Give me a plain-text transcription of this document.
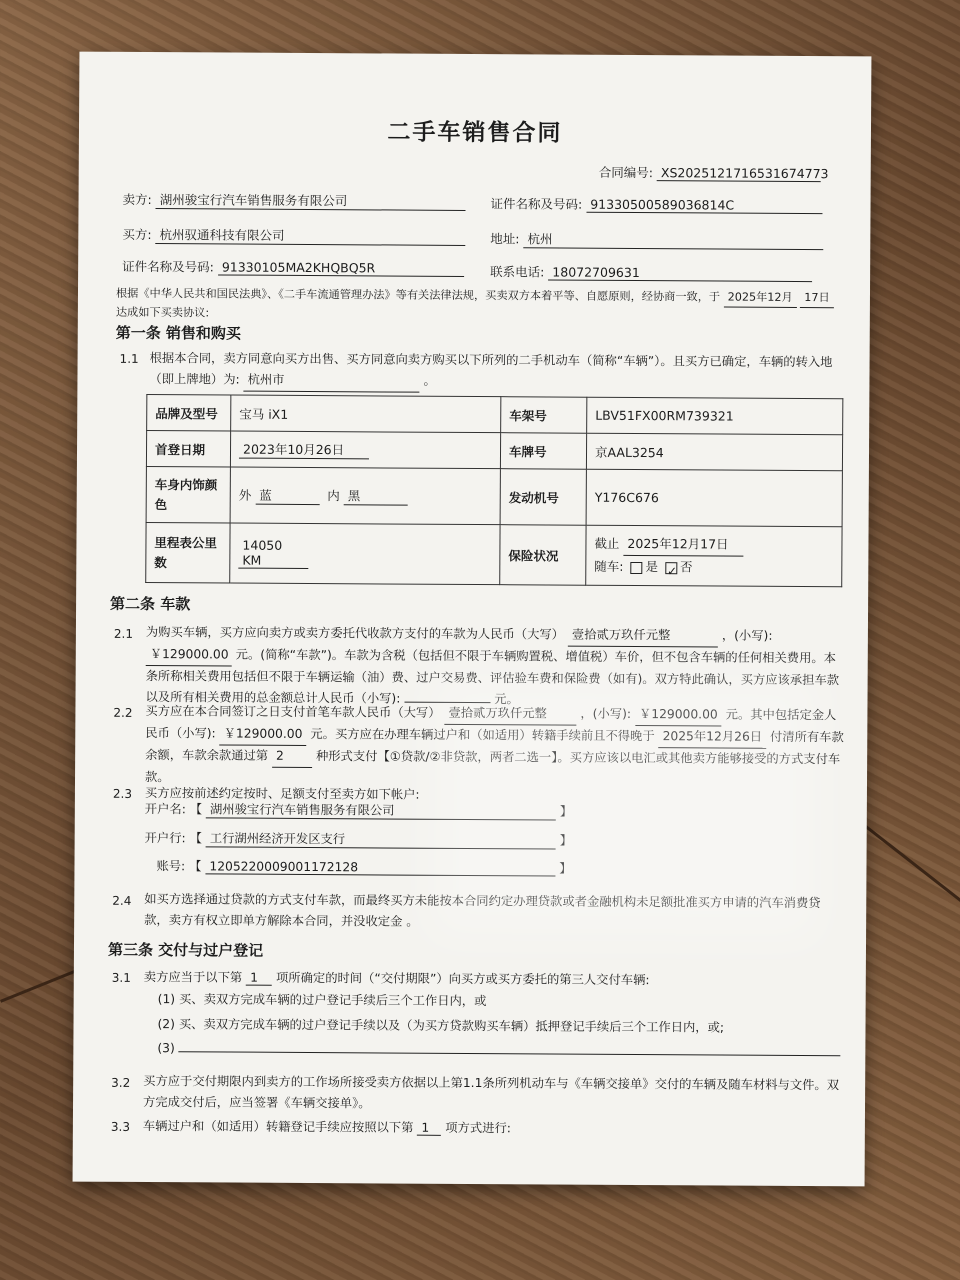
二手车销售合同
合同编号: XS2025121716531674773
卖方: 湖州骏宝行汽车销售服务有限公司	证件名称及号码: 91330500589036814C
买方: 杭州驭通科技有限公司	地址: 杭州
证件名称及号码: 91330105MA2KHQBQ5R	联系电话: 18072709631
根据《中华人民共和国民法典》、《二手车流通管理办法》等有关法律法规，买卖双方本着平等、自愿原则，经协商一致，于 2025年12月 17日 达成如下买卖协议:
第一条 销售和购买
1.1 根据本合同，卖方同意向买方出售、买方同意向卖方购买以下所列的二手机动车（简称“车辆”）。且买方已确定，车辆的转入地（即上牌地）为: 杭州市	。
品牌及型号	宝马 iX1	车架号	LBV51FX00RM739321
首登日期	2023年10月26日	车牌号	京AAL3254
车身内饰颜色	外 蓝 内 黑	发动机号	Y176C676
里程表公里数	14050 KM	保险状况	截止 2025年12月17日
随车: 是 ✓ 否
第二条 车款
2.1 为购买车辆，买方应向卖方或卖方委托代收款方支付的车款为人民币（大写） 壹拾贰万玖仟元整	，(小写): ￥129000.00 元。(简称“车款”)。车款为含税（包括但不限于车辆购置税、增值税）车价，但不包含车辆的任何相关费用。本条所称相关费用包括但不限于车辆运输（油）费、过户交易费、评估验车费和保险费（如有)。双方特此确认，买方应该承担车款以及所有相关费用的总金额总计人民币（小写):	元。
2.2 买方应在本合同签订之日支付首笔车款人民币（大写） 壹拾贰万玖仟元整	，(小写): ￥129000.00 元。其中包括定金人民币（小写): ￥129000.00 元。买方应在办理车辆过户和（如适用）转籍手续前且不得晚于 2025年12月26日 付清所有车款余额，车款余款通过第 2	种形式支付【①贷款/②非贷款，两者二选一】。买方应该以电汇或其他卖方能够接受的方式支付车款。
2.3 买方应按前述约定按时、足额支付至卖方如下帐户:
开户名: 【 湖州骏宝行汽车销售服务有限公司	】
开户行: 【 工行湖州经济开发区支行	】
账号: 【 1205220009001172128	】
2.4 如买方选择通过贷款的方式支付车款，而最终买方未能按本合同约定办理贷款或者金融机构未足额批准买方申请的汽车消费贷款，卖方有权立即单方解除本合同，并没收定金 。
第三条 交付与过户登记
3.1 卖方应当于以下第 1 项所确定的时间（“交付期限”）向买方或买方委托的第三人交付车辆:
(1) 买、卖双方完成车辆的过户登记手续后三个工作日内，或
(2) 买、卖双方完成车辆的过户登记手续以及（为买方贷款购买车辆）抵押登记手续后三个工作日内，或;
(3)
3.2 买方应于交付期限内到卖方的工作场所接受卖方依据以上第1.1条所列机动车与《车辆交接单》交付的车辆及随车材料与文件。双方完成交付后，应当签署《车辆交接单》。
3.3 车辆过户和（如适用）转籍登记手续应按照以下第 1 项方式进行:
